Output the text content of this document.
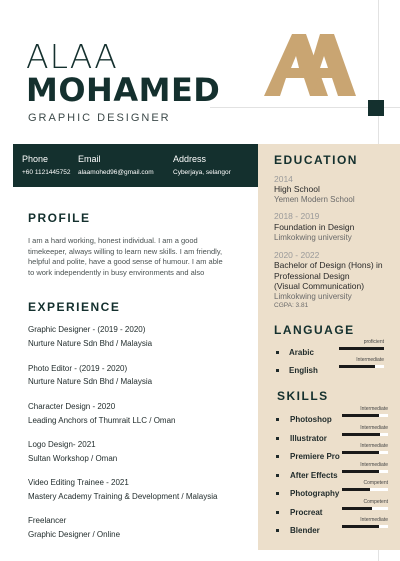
ALAA
MOHAMED
GRAPHIC DESIGNER
Phone
+60 1121445752
Email
alaamohed96@gmail.com
Address
Cyberjaya, selangor
PROFILE
I am a hard working, honest individual. I am a good
timekeeper, always willing to learn new skills. I am friendly,
helpful and polite, have a good sense of humour. I am able
to work independently in busy environments and also
EXPERIENCE
Graphic Designer - (2019 - 2020)
Nurture Nature Sdn Bhd / Malaysia
Photo Editor - (2019 - 2020)
Nurture Nature Sdn Bhd / Malaysia
Character Design - 2020
Leading Anchors of Thumrait LLC / Oman
Logo Design- 2021
Sultan Workshop / Oman
Video Editing Trainee - 2021
Mastery Academy Training & Development / Malaysia
Freelancer
Graphic Designer / Online
EDUCATION
2014
High School
Yemen Modern School
2018 - 2019
Foundation in Design
Limkokwing university
2020 - 2022
Bachelor of Design (Hons) in
Professional Design
(Visual Communication)
Limkokwing university
CGPA: 3.81
LANGUAGE
Arabic
proficient
English
Intermediate
SKILLS
Photoshop
Intermediate
Illustrator
Intermediate
Premiere Pro
Intermediate
After Effects
Intermediate
Photography
Competent
Procreat
Competent
Blender
Intermediate
